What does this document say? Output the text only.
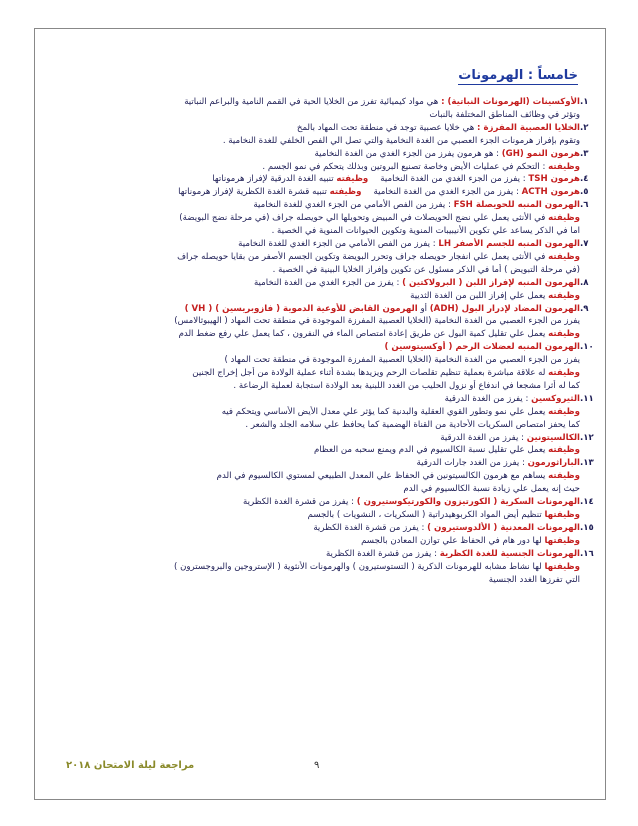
خامساً : الهرمونات
١.الأوكسينات (الهرمونات النباتية) : هي مواد كيميائية تفرز من الخلايا الحية في القمم النامية والبراعم النباتية
وتؤثر في وظائف المناطق المختلفة بالنبات
٢.الخلايا العصبية المفرزة : هي خلايا عصبية توجد في منطقة تحت المهاد بالمخ
وتقوم بإفراز هرمونات الجزء العصبي من الغدة النخامية والتي تصل الي الفص الخلفي للغدة النخامية .
٣.هرمون النمو (GH) : هو هرمون يفرز من الجزء الغدي من الغدة النخامية
وظيفته : التحكم في عمليات الأيض وخاصة تصنيع البروتين وبذلك يتحكم في نمو الجسم .
٤.هرمون TSH : يفرز من الجزء الغدي من الغدة النخاميةوظيفته تنبيه الغدة الدرقية لإفراز هرموناتها
٥.هرمون ACTH : يفرز من الجزء الغدي من الغدة النخاميةوظيفته تنبيه قشرة الغدة الكظرية لإفراز هرموناتها
٦.الهرمون المنبه للحويصلة FSH : يفرز من الفص الأمامي من الجزء الغدي للغدة النخامية
وظيفته في الأنثى يعمل علي نضج الحويصلات في المبيض وتحويلها الي حويصله جراف (في مرحلة نضج البويضة)
اما في الذكر يساعد علي تكوين الأنيبيبات المنوية وتكوين الحيوانات المنوية في الخصية .
٧.الهرمون المنبه للجسم الأصفر LH : يفرز من الفص الأمامي من الجزء الغدي للغدة النخامية
وظيفته في الأنثى يعمل علي انفجار حويصله جراف وتحرر البويضة وتكوين الجسم الأصفر من بقايا حويصله جراف
(في مرحلة التبويض ) أما في الذكر مسئول عن تكوين وإفراز الخلايا البينية في الخصية .
٨.الهرمون المنبه لإفراز اللبن ( البرولاكتين ) : يفرز من الجزء الغدي من الغدة النخامية
وظيفته يعمل علي إفراز اللبن من الغدة الثديية
٩.الهرمون المضاد لإدرار البول (ADH) أو الهرمون القابض للأوعية الدموية ( فازوبريسين ) ( VH )
يفرز من الجزء العصبي من الغدة النخامية (الخلايا العصبية المفرزة الموجودة في منطقة تحت المهاد ( الهيبوثالامس)
وظيفته يعمل علي تقليل كمية البول عن طريق إعادة امتصاص الماء في النفرون ، كما يعمل علي رفع ضغط الدم
١٠.الهرمون المنبه لعضلات الرحم ( أوكسيتوسين )
يفرز من الجزء العصبي من الغدة النخامية (الخلايا العصبية المفرزة الموجودة في منطقة تحت المهاد )
وظيفته له علاقة مباشرة بعملية تنظيم تقلصات الرحم ويزيدها بشدة أثناء عملية الولادة من أجل إخراج الجنين
كما له أثرا مشجعا في اندفاع أو نزول الحليب من الغدد اللبنية بعد الولادة استجابة لعملية الرضاعة .
١١.الثيروكسين : يفرز من الغدة الدرقية
وظيفته يعمل علي نمو وتطور القوي العقلية والبدنية كما يؤثر علي معدل الأيض الأساسي ويتحكم فيه
كما يحفز امتصاص السكريات الأحادية من القناة الهضمية كما يحافظ علي سلامه الجلد والشعر .
١٢.الكالسيتونين : يفرز من الغدة الدرقية
وظيفته يعمل علي تقليل نسبة الكالسيوم في الدم ويمنع سحبه من العظام
١٣.الباراثورمون : يفرز من الغدد جارات الدرقية
وظيفته يساهم مع هرمون الكالسيتونين في الحفاظ علي المعدل الطبيعي لمستوي الكالسيوم في الدم
حيث إنه يعمل علي زيادة نسبة الكالسيوم في الدم
١٤.الهرمونات السكرية ( الكورتيزون والكورتيكوستيرون ) : يفرز من قشرة الغدة الكظرية
وظيفتها تنظيم أيض المواد الكربوهيدراتية ( السكريات ، النشويات ) بالجسم
١٥.الهرمونات المعدنية ( الألدوستيرون ) : يفرز من قشرة الغدة الكظرية
وظيفتها لها دور هام في الحفاظ علي توازن المعادن بالجسم
١٦.الهرمونات الجنسية للغدة الكظرية : يفرز من قشرة الغدة الكظرية
وظيفتها لها نشاط مشابه للهرمونات الذكرية ( التستوستيرون ) والهرمونات الأنثوية ( الإستروجين والبروجسترون )
التي تفرزها الغدد الجنسية
مراجعة ليلة الامتحان ٢٠١٨	٩
